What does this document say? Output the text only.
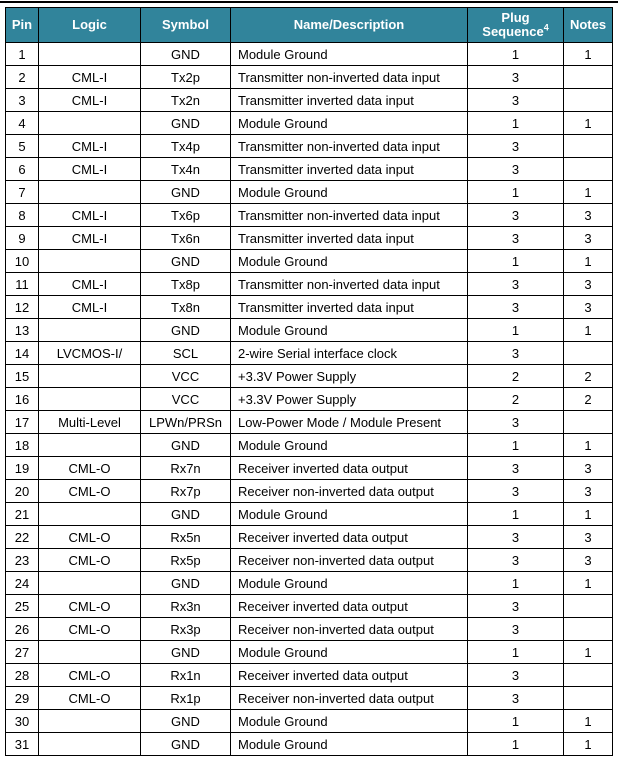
Pin	Logic	Symbol	Name/Description	Plug Sequence$^4$	Notes
1		GND	Module Ground	1	1
2	CML-I	Tx2p	Transmitter non-inverted data input	3	
3	CML-I	Tx2n	Transmitter inverted data input	3	
4		GND	Module Ground	1	1
5	CML-I	Tx4p	Transmitter non-inverted data input	3	
6	CML-I	Tx4n	Transmitter inverted data input	3	
7		GND	Module Ground	1	1
8	CML-I	Tx6p	Transmitter non-inverted data input	3	3
9	CML-I	Tx6n	Transmitter inverted data input	3	3
10		GND	Module Ground	1	1
11	CML-I	Tx8p	Transmitter non-inverted data input	3	3
12	CML-I	Tx8n	Transmitter inverted data input	3	3
13		GND	Module Ground	1	1
14	LVCMOS-I/	SCL	2-wire Serial interface clock	3	
15		VCC	+3.3V Power Supply	2	2
16		VCC	+3.3V Power Supply	2	2
17	Multi-Level	LPWn/PRSn	Low-Power Mode / Module Present	3	
18		GND	Module Ground	1	1
19	CML-O	Rx7n	Receiver inverted data output	3	3
20	CML-O	Rx7p	Receiver non-inverted data output	3	3
21		GND	Module Ground	1	1
22	CML-O	Rx5n	Receiver inverted data output	3	3
23	CML-O	Rx5p	Receiver non-inverted data output	3	3
24		GND	Module Ground	1	1
25	CML-O	Rx3n	Receiver inverted data output	3	
26	CML-O	Rx3p	Receiver non-inverted data output	3	
27		GND	Module Ground	1	1
28	CML-O	Rx1n	Receiver inverted data output	3	
29	CML-O	Rx1p	Receiver non-inverted data output	3	
30		GND	Module Ground	1	1
31		GND	Module Ground	1	1
